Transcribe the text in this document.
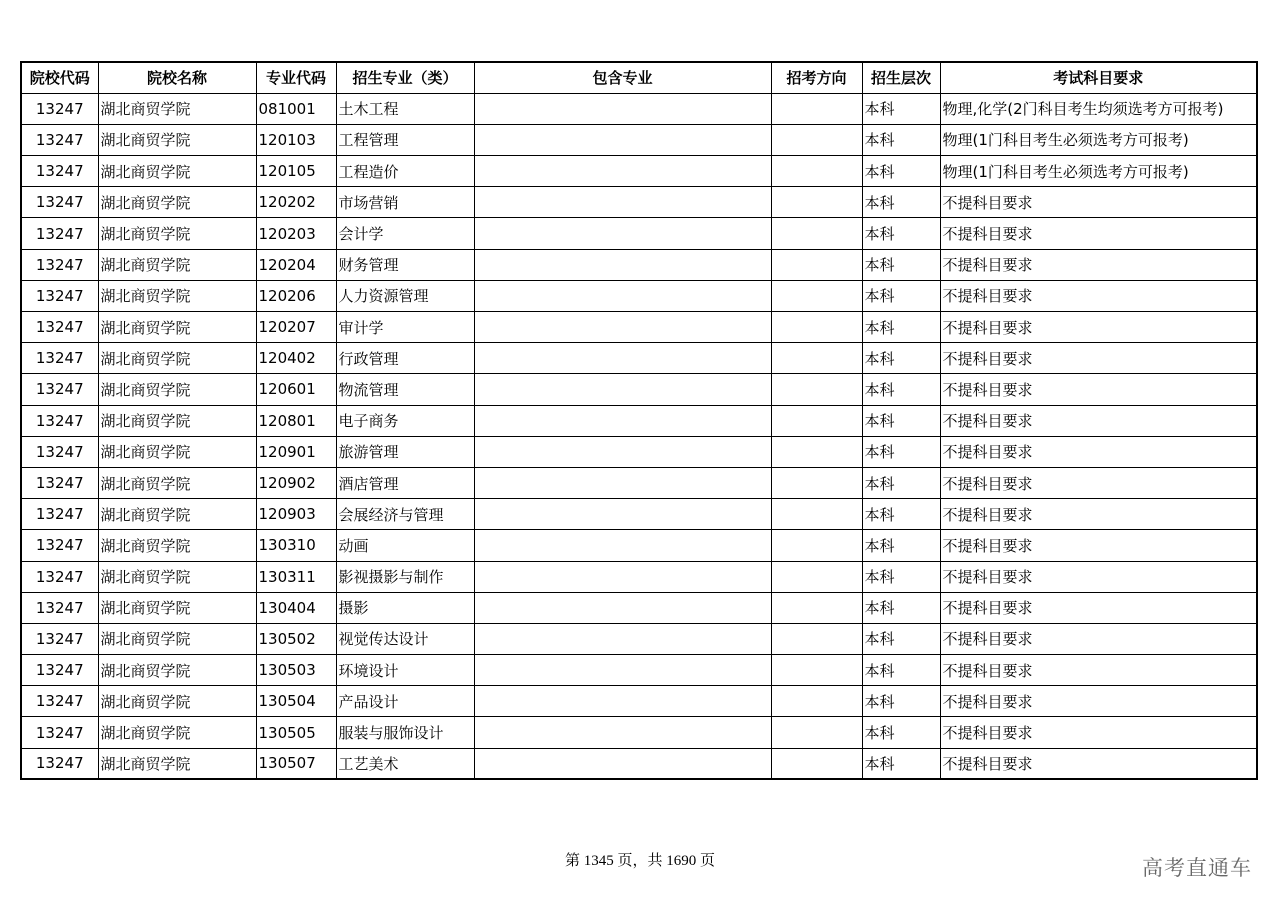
院校代码	院校名称	专业代码	招生专业（类）	包含专业	招考方向	招生层次	考试科目要求
13247	湖北商贸学院	081001	土木工程			本科	物理,化学(2门科目考生均须选考方可报考)
13247	湖北商贸学院	120103	工程管理			本科	物理(1门科目考生必须选考方可报考)
13247	湖北商贸学院	120105	工程造价			本科	物理(1门科目考生必须选考方可报考)
13247	湖北商贸学院	120202	市场营销			本科	不提科目要求
13247	湖北商贸学院	120203	会计学			本科	不提科目要求
13247	湖北商贸学院	120204	财务管理			本科	不提科目要求
13247	湖北商贸学院	120206	人力资源管理			本科	不提科目要求
13247	湖北商贸学院	120207	审计学			本科	不提科目要求
13247	湖北商贸学院	120402	行政管理			本科	不提科目要求
13247	湖北商贸学院	120601	物流管理			本科	不提科目要求
13247	湖北商贸学院	120801	电子商务			本科	不提科目要求
13247	湖北商贸学院	120901	旅游管理			本科	不提科目要求
13247	湖北商贸学院	120902	酒店管理			本科	不提科目要求
13247	湖北商贸学院	120903	会展经济与管理			本科	不提科目要求
13247	湖北商贸学院	130310	动画			本科	不提科目要求
13247	湖北商贸学院	130311	影视摄影与制作			本科	不提科目要求
13247	湖北商贸学院	130404	摄影			本科	不提科目要求
13247	湖北商贸学院	130502	视觉传达设计			本科	不提科目要求
13247	湖北商贸学院	130503	环境设计			本科	不提科目要求
13247	湖北商贸学院	130504	产品设计			本科	不提科目要求
13247	湖北商贸学院	130505	服装与服饰设计			本科	不提科目要求
13247	湖北商贸学院	130507	工艺美术			本科	不提科目要求
第 1345 页，共 1690 页	高考直通车
